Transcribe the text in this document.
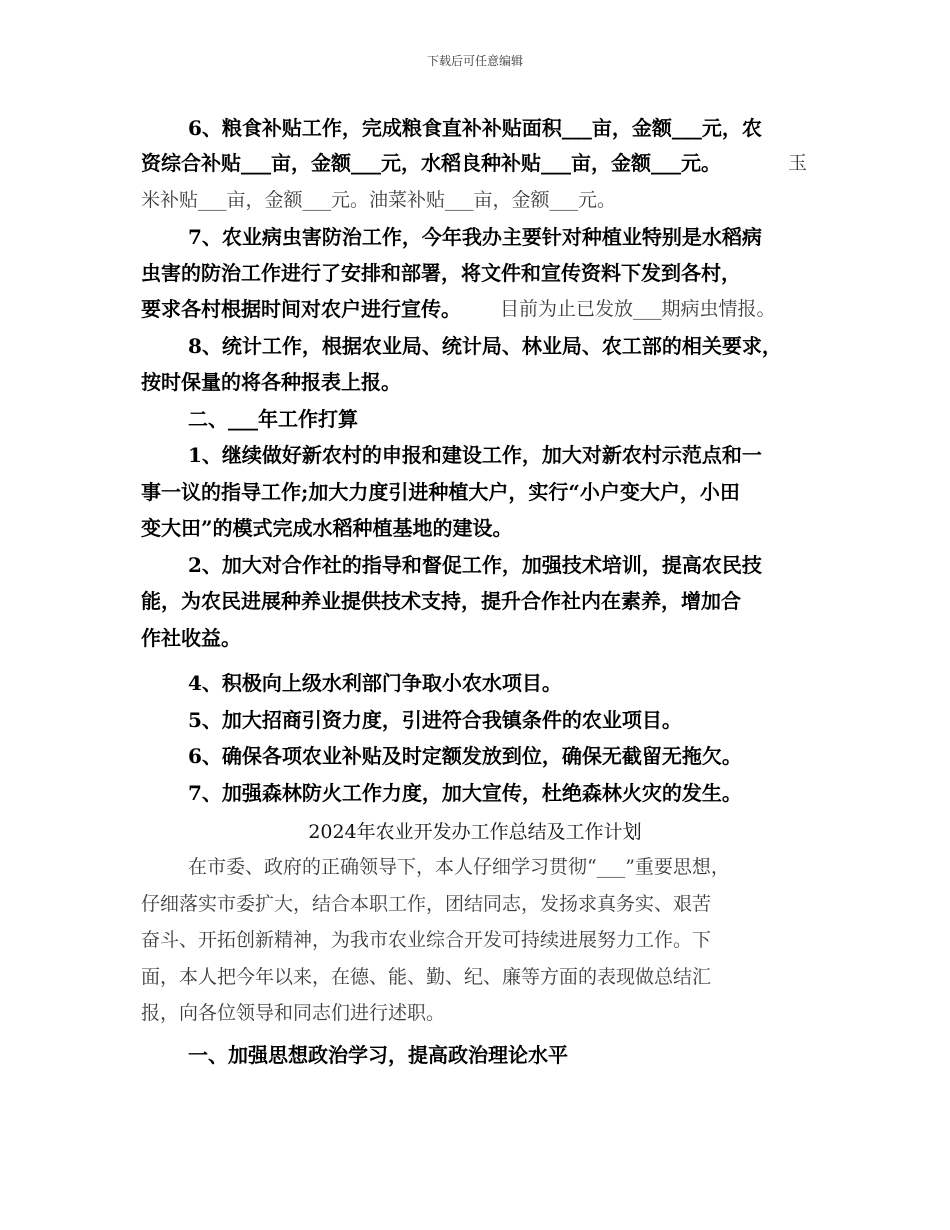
下载后可任意编辑
6、粮食补贴工作，完成粮食直补补贴面积___亩，金额___元，农
资综合补贴___亩，金额___元，水稻良种补贴___亩，金额___元。	玉
米补贴___亩，金额___元。油菜补贴___亩，金额___元。
7、农业病虫害防治工作，今年我办主要针对种植业特别是水稻病
虫害的防治工作进行了安排和部署，将文件和宣传资料下发到各村，
要求各村根据时间对农户进行宣传。 目前为止已发放___期病虫情报。
8、统计工作，根据农业局、统计局、林业局、农工部的相关要求，
按时保量的将各种报表上报。
二、___年工作打算
1、继续做好新农村的申报和建设工作，加大对新农村示范点和一
事一议的指导工作;加大力度引进种植大户，实行“小户变大户，小田
变大田”的模式完成水稻种植基地的建设。
2、加大对合作社的指导和督促工作，加强技术培训，提高农民技
能，为农民进展种养业提供技术支持，提升合作社内在素养，增加合
作社收益。
4、积极向上级水利部门争取小农水项目。
5、加大招商引资力度，引进符合我镇条件的农业项目。
6、确保各项农业补贴及时定额发放到位，确保无截留无拖欠。
7、加强森林防火工作力度，加大宣传，杜绝森林火灾的发生。
2024年农业开发办工作总结及工作计划
在市委、政府的正确领导下，本人仔细学习贯彻“___”重要思想，
仔细落实市委扩大，结合本职工作，团结同志，发扬求真务实、艰苦
奋斗、开拓创新精神，为我市农业综合开发可持续进展努力工作。下
面，本人把今年以来，在德、能、勤、纪、廉等方面的表现做总结汇
报，向各位领导和同志们进行述职。
一、加强思想政治学习，提高政治理论水平
